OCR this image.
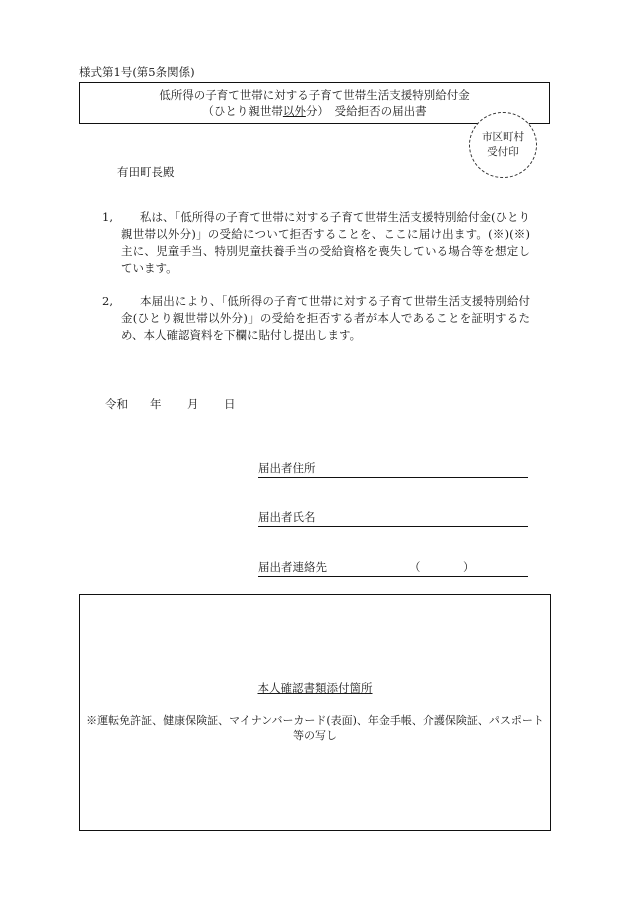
様式第1号(第5条関係)
低所得の子育て世帯に対する子育て世帯生活支援特別給付金
（ひとり親世帯以外分）　受給拒否の届出書
市区町村
受付印
有田町長殿
1,	私は、「低所得の子育て世帯に対する子育て世帯生活支援特別給付金(ひとり親世帯以外分)」の受給について拒否することを、ここに届け出ます。(※)(※)主に、児童手当、特別児童扶養手当の受給資格を喪失している場合等を想定しています。
2,	本届出により、「低所得の子育て世帯に対する子育て世帯生活支援特別給付金(ひとり親世帯以外分)」の受給を拒否する者が本人であることを証明するため、本人確認資料を下欄に貼付し提出します。
令和 年 月 日
届出者住所
届出者氏名
届出者連絡先	（	）
本人確認書類添付箇所
※運転免許証、健康保険証、マイナンバーカード(表面)、年金手帳、介護保険証、パスポート等の写し
